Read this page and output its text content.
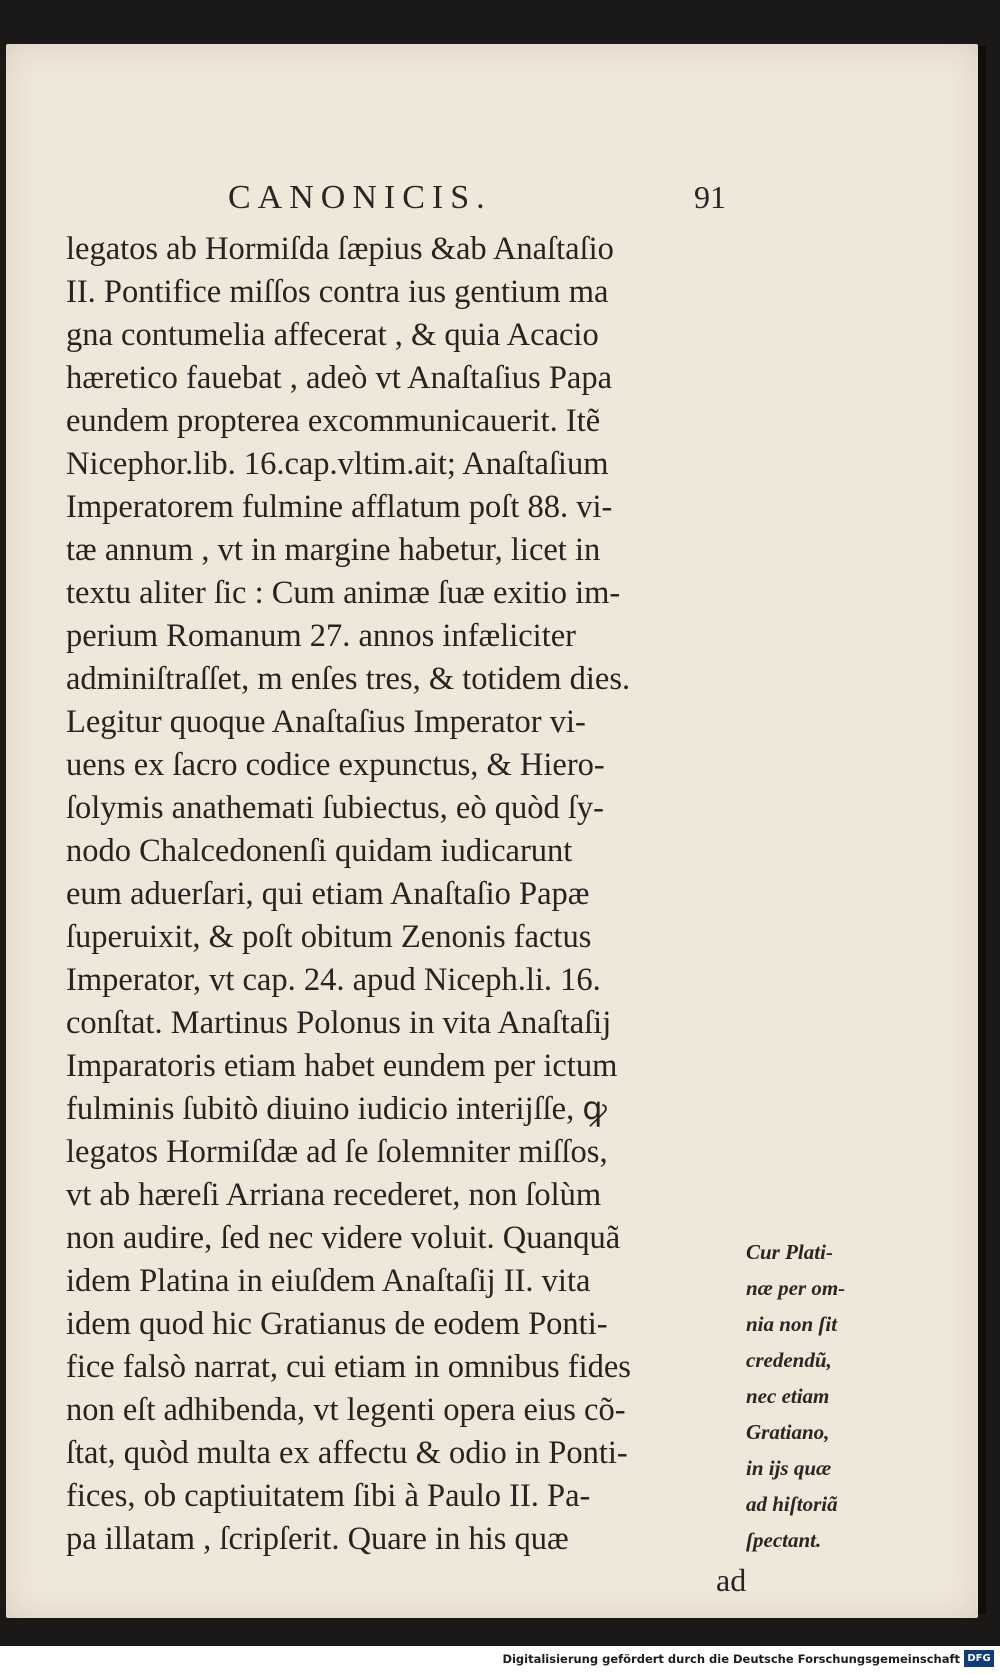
CANONICIS.	91
legatos ab Hormiſda ſæpius &ab Anaſtaſio
II. Pontifice miſſos contra ius gentium ma
gna contumelia affecerat , & quia Acacio
hæretico fauebat , adeò vt Anaſtaſius Papa
eundem propterea excommunicauerit. Itẽ
Nicephor.lib. 16.cap.vltim.ait; Anaſtaſium
Imperatorem fulmine afflatum poſt 88. vi-
tæ annum , vt in margine habetur, licet in
textu aliter ſic : Cum animæ ſuæ exitio im-
perium Romanum 27. annos infæliciter
adminiſtraſſet, m enſes tres, & totidem dies.
Legitur quoque Anaſtaſius Imperator vi-
uens ex ſacro codice expunctus, & Hiero-
ſolymis anathemati ſubiectus, eò quòd ſy-
nodo Chalcedonenſi quidam iudicarunt
eum aduerſari, qui etiam Anaſtaſio Papæ
ſuperuixit, & poſt obitum Zenonis factus
Imperator, vt cap. 24. apud Niceph.li. 16.
conſtat. Martinus Polonus in vita Anaſtaſij
Imparatoris etiam habet eundem per ictum
fulminis ſubitò diuino iudicio interijſſe, ꝙ
legatos Hormiſdæ ad ſe ſolemniter miſſos,
vt ab hæreſi Arriana recederet, non ſolùm
non audire, ſed nec videre voluit. Quanquã
idem Platina in eiuſdem Anaſtaſij II. vita
idem quod hic Gratianus de eodem Ponti-
fice falsò narrat, cui etiam in omnibus fides
non eſt adhibenda, vt legenti opera eius cõ-
ſtat, quòd multa ex affectu & odio in Ponti-
fices, ob captiuitatem ſibi à Paulo II. Pa-
pa illatam , ſcripſerit. Quare in his quæ
Cur Plati-
næ per om-
nia non ſit
credendũ,
nec etiam
Gratiano,
in ijs quæ
ad hiſtoriã
ſpectant.
ad
Digitalisierung gefördert durch die Deutsche Forschungsgemeinschaft DFG
